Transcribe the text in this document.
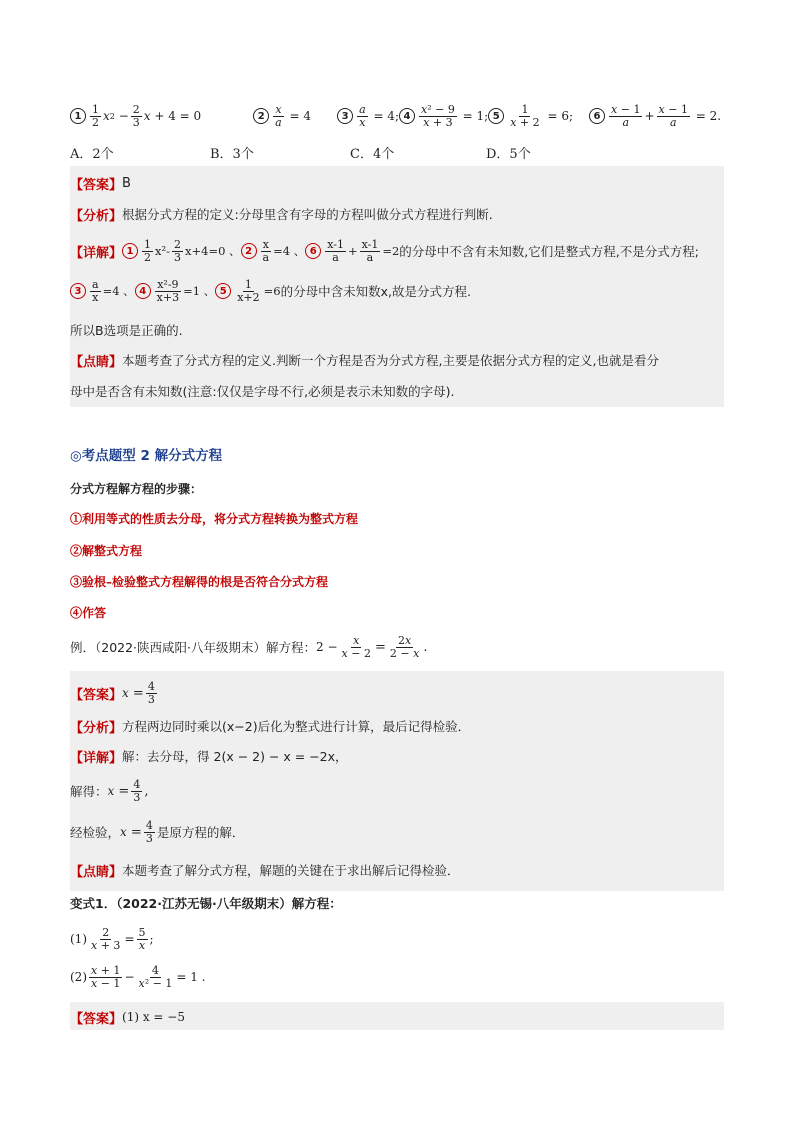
$1 \frac{1}{2}$ x $2 - \frac{2}{3}$ x + 4 = 0	$2 \frac{x}{a} = 4$	$3 \frac{a}{x} = 4$; $4 \frac{\text{x² − 9}}{x + 3} = 1$; $5 \frac{1}{x + 2} = 6$;	$6 \frac{x - 1}{a} + \frac{x - 1}{a} = 2$.
A．2个	B．3个	C．4个	D．5个
【答案】 B
【分析】 根据分式方程的定义:分母里含有字母的方程叫做分式方程进行判断.
【详解】 $1 \frac{1}{2} x^2- \frac{2}{3} x+4=0$ 、 $2 \frac{x}{a} =4$ 、 $6 \frac{x-1}{a} + \frac{x-1}{a} =2$ 的分母中不含有未知数,它们是整式方程,不是分式方程;
$3 \frac{a}{x} =4$ 、 $4 \frac{\text{x²-9}}{x+3} =1$ 、 $5 \frac{1}{x+2} =6$ 的分母中含未知数x,故是分式方程.
所以B选项是正确的.
【点睛】 本题考查了分式方程的定义.判断一个方程是否为分式方程,主要是依据分式方程的定义,也就是看分
母中是否含有未知数(注意:仅仅是字母不行,必须是表示未知数的字母).
◎考点题型 2 解分式方程
分式方程解方程的步骤：
①利用等式的性质去分母，将分式方程转换为整式方程
②解整式方程
③验根–检验整式方程解得的根是否符合分式方程
④作答
例．（2022·陕西咸阳·八年级期末）解方程： $2 - \frac{x}{x - 2} = \frac{2x}{2 - x}$ .
【答案】 $x = \frac{4}{3}$
【分析】 方程两边同时乘以(x−2)后化为整式进行计算，最后记得检验．
【详解】 解：去分母，得 2(x − 2) − x = −2x，
解得： $x = \frac{4}{3}$ ,
经检验， $x = \frac{4}{3}$ 是原方程的解．
【点睛】 本题考查了解分式方程，解题的关键在于求出解后记得检验．
变式1．（2022·江苏无锡·八年级期末）解方程：
$(1) \frac{2}{x + 3} = \frac{5}{x}$ ;
$(2) \frac{x + 1}{x - 1} - \frac{4}{\text{x² − 1}} = 1$ .
【答案】 (1) x = −5
